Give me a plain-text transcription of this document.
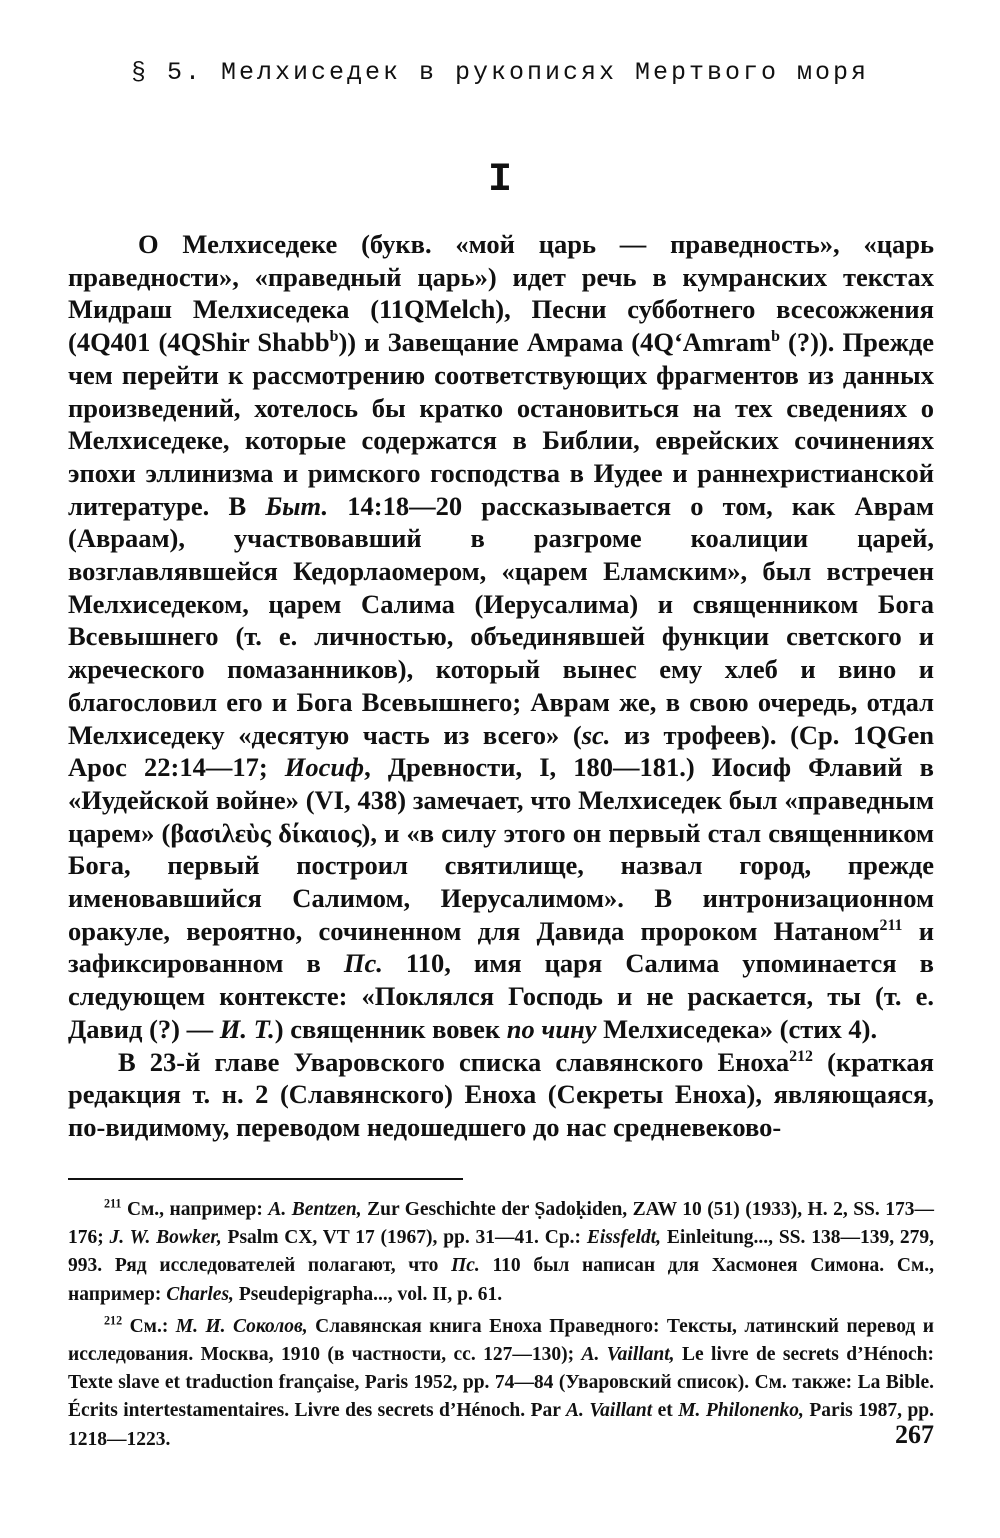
§ 5. Мелхиседек в рукописях Мертвого моря
I

О Мелхиседеке (букв. «мой царь — праведность», «царь праведности», «праведный царь») идет речь в кумранских текстах Мидраш Мелхиседека (11QMelch), Песни субботнего всесожжения (4Q401 (4QShir Shabb$^b$)) и Завещание Амрама (4Q‘Amram$^b$ (?)). Прежде чем перейти к рассмотрению соответствующих фрагментов из данных произведений, хотелось бы кратко остановиться на тех сведениях о Мелхиседеке, которые содержатся в Библии, еврейских сочинениях эпохи эллинизма и римского господства в Иудее и раннехристианской литературе. В Быт. 14:18—20 рассказывается о том, как Аврам (Авраам), участвовавший в разгроме коалиции царей, возглавлявшейся Кедорлаомером, «царем Еламским», был встречен Мелхиседеком, царем Салима (Иерусалима) и священником Бога Всевышнего (т. е. личностью, объединявшей функции светского и жреческого помазанников), который вынес ему хлеб и вино и благословил его и Бога Всевышнего; Аврам же, в свою очередь, отдал Мелхиседеку «десятую часть из всего» (sc. из трофеев). (Ср. 1QGen Apoc 22:14—17; Иосиф, Древности, I, 180—181.) Иосиф Флавий в «Иудейской войне» (VI, 438) замечает, что Мелхиседек был «праведным царем» (βασιλεὺς δίκαιος), и «в силу этого он первый стал священником Бога, первый построил святилище, назвал город, прежде именовавшийся Салимом, Иерусалимом». В интронизационном оракуле, вероятно, сочиненном для Давида пророком Натаном$^{211}$ и зафиксированном в Пс. 110, имя царя Салима упоминается в следующем контексте: «Поклялся Господь и не раскается, ты (т. е. Давид (?) — И. Т.) священник вовек по чину Мелхиседека» (стих 4).

В 23-й главе Уваровского списка славянского Еноха$^{212}$ (краткая редакция т. н. 2 (Славянского) Еноха (Секреты Еноха), являющаяся, по-видимому, переводом недошедшего до нас средневеково-

$^{211}$ См., например: A. Bentzen, Zur Geschichte der Ṣadoḳiden, ZAW 10 (51) (1933), H. 2, SS. 173—176; J. W. Bowker, Psalm CX, VT 17 (1967), pp. 31—41. Ср.: Eissfeldt, Einleitung..., SS. 138—139, 279, 993. Ряд исследователей полагают, что Пс. 110 был написан для Хасмонея Симона. См., например: Charles, Pseudepigrapha..., vol. II, p. 61.

$^{212}$ См.: М. И. Соколов, Славянская книга Еноха Праведного: Тексты, латинский перевод и исследования. Москва, 1910 (в частности, сс. 127—130); A. Vaillant, Le livre de secrets d’Hénoch: Texte slave et traduction française, Paris 1952, pp. 74—84 (Уваровский список). См. также: La Bible. Écrits intertestamentaires. Livre des secrets d’Hénoch. Par A. Vaillant et M. Philonenko, Paris 1987, pp. 1218—1223.	267
